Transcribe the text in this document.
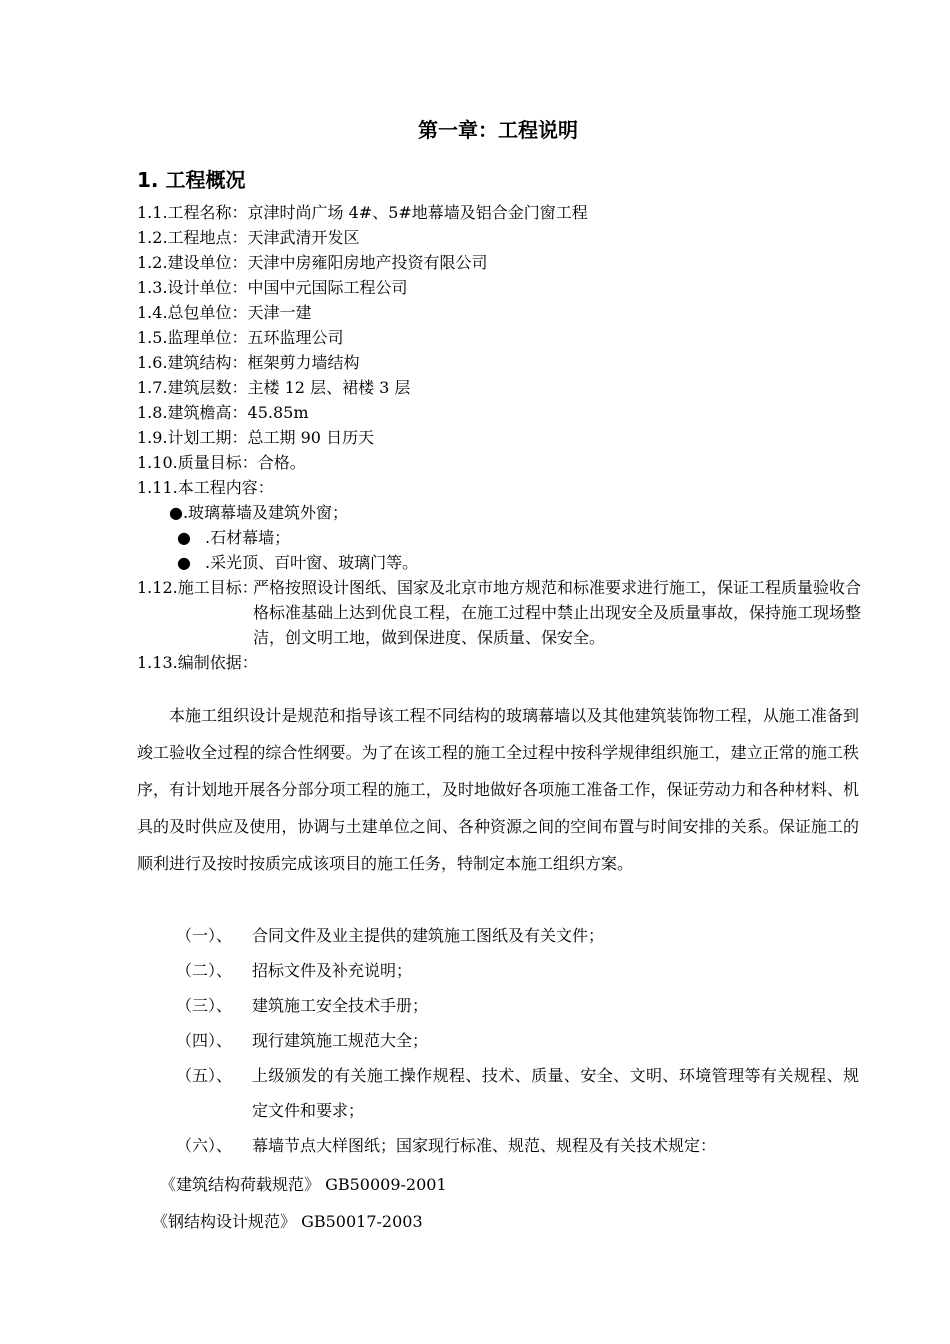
第一章：工程说明
1. 工程概况
1.1.工程名称：京津时尚广场 4#、5#地幕墙及铝合金门窗工程
1.2.工程地点：天津武清开发区
1.2.建设单位：天津中房雍阳房地产投资有限公司
1.3.设计单位：中国中元国际工程公司
1.4.总包单位：天津一建
1.5.监理单位：五环监理公司
1.6.建筑结构：框架剪力墙结构
1.7.建筑层数：主楼 12 层、裙楼 3 层
1.8.建筑檐高：45.85m
1.9.计划工期：总工期 90 日历天
1.10.质量目标：合格。
1.11.本工程内容：
●.玻璃幕墙及建筑外窗；
● .石材幕墙；
● .采光顶、百叶窗、玻璃门等。
1.12.施工目标：
严格按照设计图纸、国家及北京市地方规范和标准要求进行施工，保证工程质量验收合格标准基础上达到优良工程，在施工过程中禁止出现安全及质量事故，保持施工现场整洁，创文明工地，做到保进度、保质量、保安全。
1.13.编制依据：
本施工组织设计是规范和指导该工程不同结构的玻璃幕墙以及其他建筑装饰物工程，从施工准备到竣工验收全过程的综合性纲要。为了在该工程的施工全过程中按科学规律组织施工，建立正常的施工秩序，有计划地开展各分部分项工程的施工，及时地做好各项施工准备工作，保证劳动力和各种材料、机具的及时供应及使用，协调与土建单位之间、各种资源之间的空间布置与时间安排的关系。保证施工的顺利进行及按时按质完成该项目的施工任务，特制定本施工组织方案。
（一）、 合同文件及业主提供的建筑施工图纸及有关文件；
（二）、 招标文件及补充说明；
（三）、 建筑施工安全技术手册；
（四）、 现行建筑施工规范大全；
（五）、 上级颁发的有关施工操作规程、技术、质量、安全、文明、环境管理等有关规程、规定文件和要求；
（六）、 幕墙节点大样图纸；国家现行标准、规范、规程及有关技术规定：
《建筑结构荷载规范》 GB50009-2001
《钢结构设计规范》 GB50017-2003
